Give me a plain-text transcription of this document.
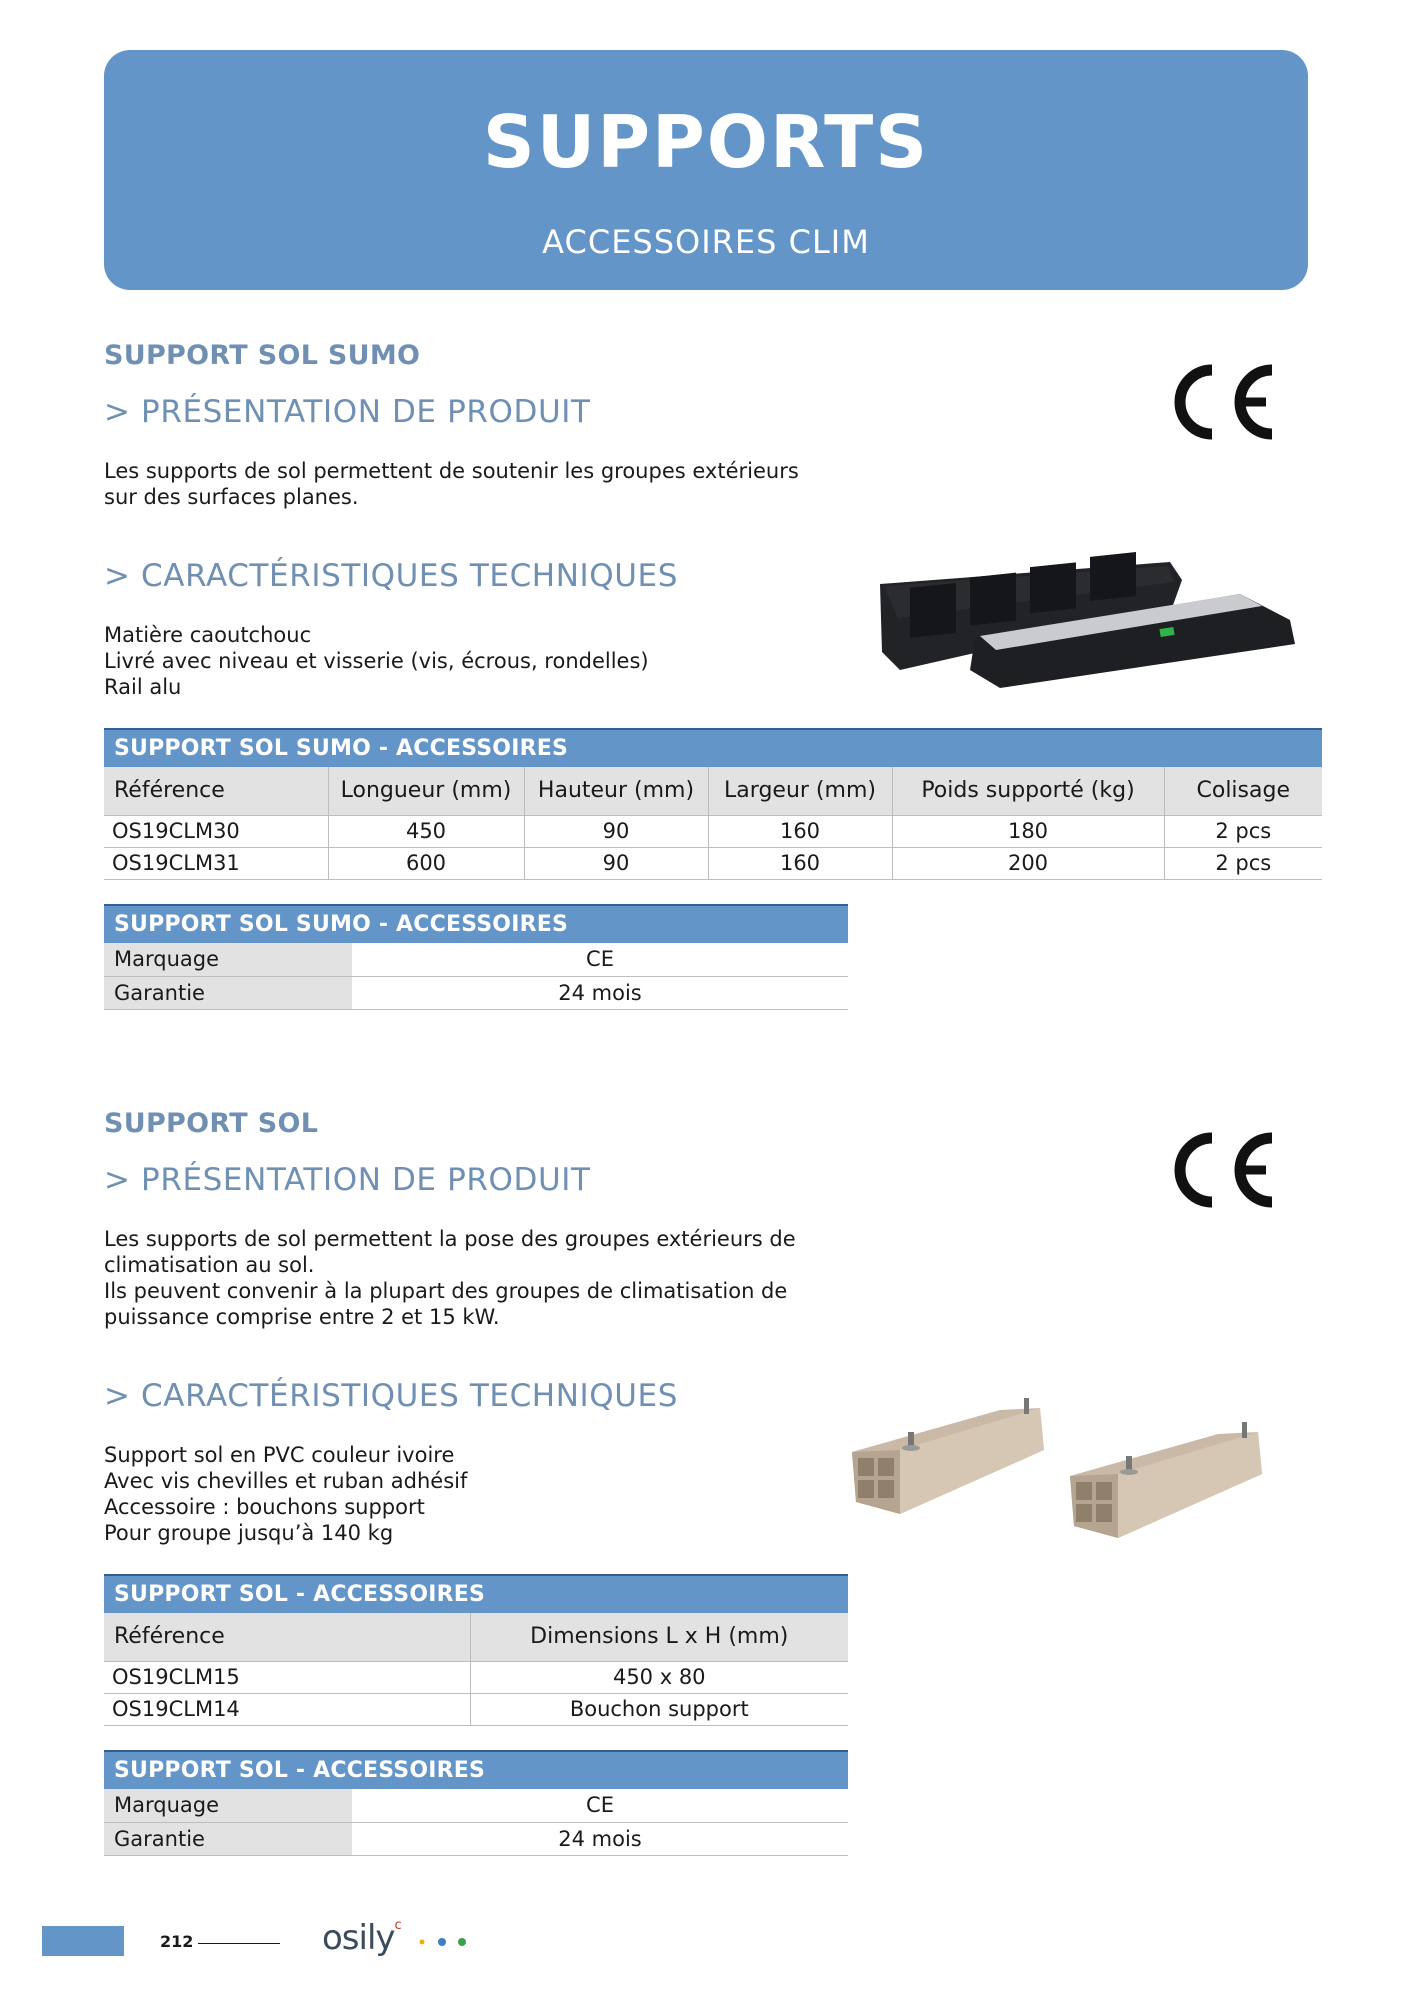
SUPPORTS
ACCESSOIRES CLIM
SUPPORT SOL SUMO
> PRÉSENTATION DE PRODUIT
Les supports de sol permettent de soutenir les groupes extérieurs
sur des surfaces planes.
> CARACTÉRISTIQUES TECHNIQUES
Matière caoutchouc
Livré avec niveau et visserie (vis, écrous, rondelles)
Rail alu
SUPPORT SOL SUMO - ACCESSOIRES					
Référence	Longueur (mm)	Hauteur (mm)	Largeur (mm)	Poids supporté (kg)	Colisage
OS19CLM30	450	90	160	180	2 pcs
OS19CLM31	600	90	160	200	2 pcs
SUPPORT SOL SUMO - ACCESSOIRES	
Marquage	CE
Garantie	24 mois
SUPPORT SOL
> PRÉSENTATION DE PRODUIT
Les supports de sol permettent la pose des groupes extérieurs de
climatisation au sol.
Ils peuvent convenir à la plupart des groupes de climatisation de
puissance comprise entre 2 et 15 kW.
> CARACTÉRISTIQUES TECHNIQUES
Support sol en PVC couleur ivoire
Avec vis chevilles et ruban adhésif
Accessoire : bouchons support
Pour groupe jusqu’à 140 kg
SUPPORT SOL - ACCESSOIRES	
Référence	Dimensions L x H (mm)
OS19CLM15	450 x 80
OS19CLM14	Bouchon support
SUPPORT SOL - ACCESSOIRES	
Marquage	CE
Garantie	24 mois
212	osily$^c$
